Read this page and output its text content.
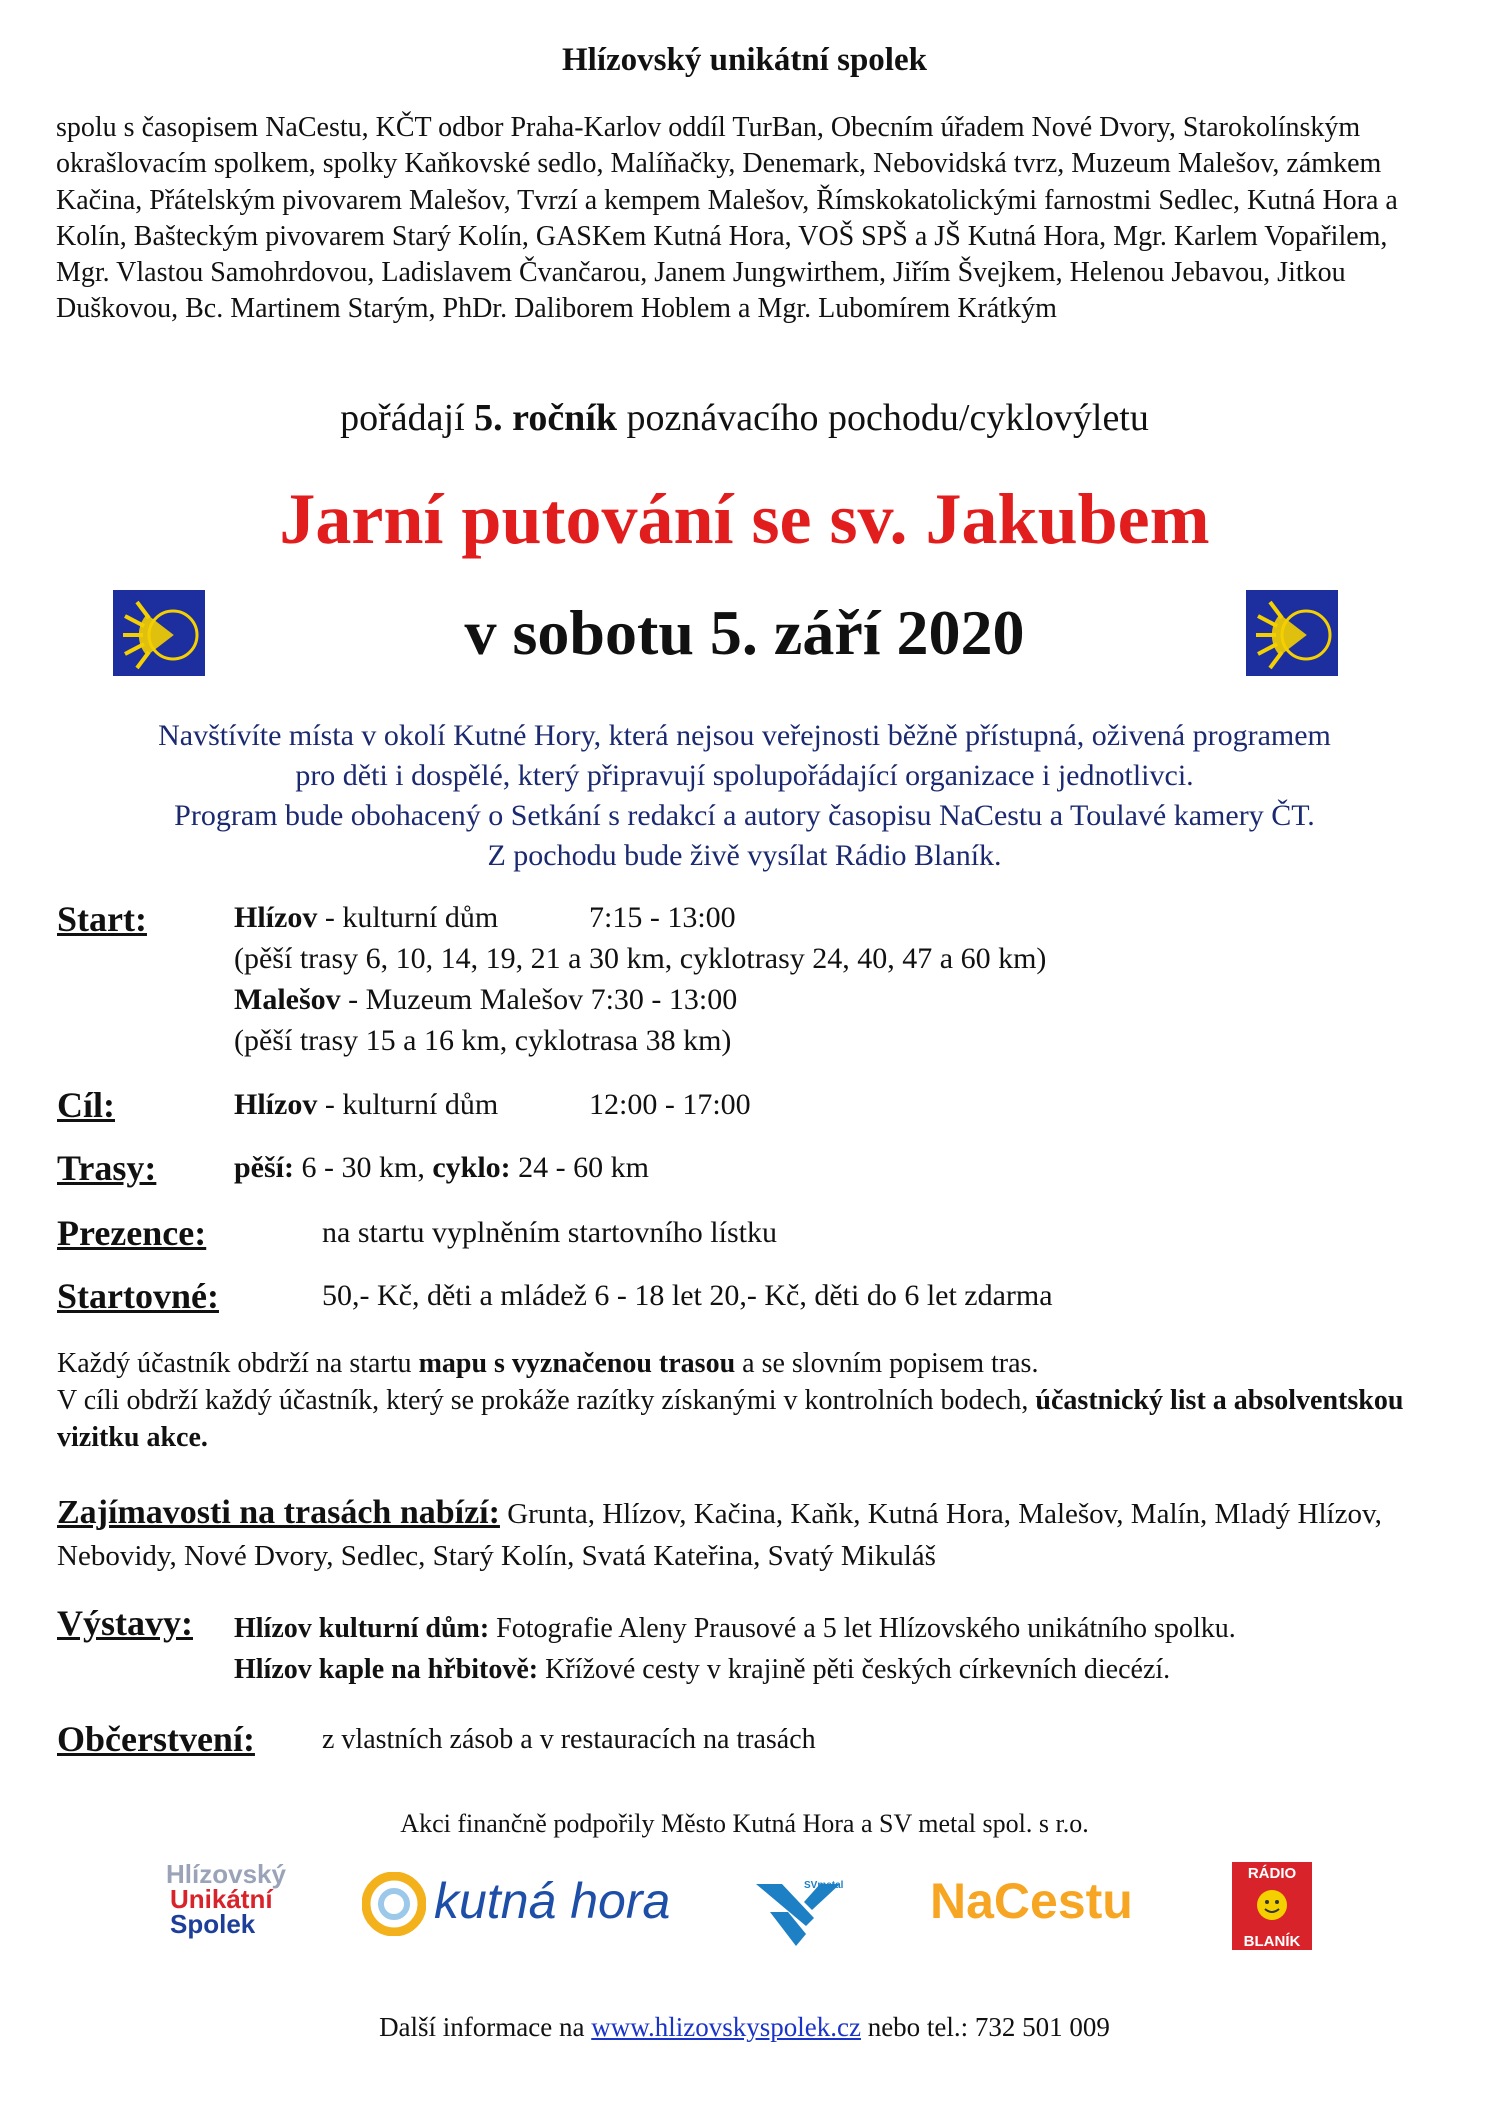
Hlízovský unikátní spolek
spolu s časopisem NaCestu, KČT odbor Praha-Karlov oddíl TurBan, Obecním úřadem Nové Dvory, Starokolínským okrašlovacím spolkem, spolky Kaňkovské sedlo, Malíňačky, Denemark, Nebovidská tvrz, Muzeum Malešov, zámkem Kačina, Přátelským pivovarem Malešov, Tvrzí a kempem Malešov, Římskokatolickými farnostmi Sedlec, Kutná Hora a Kolín, Bašteckým pivovarem Starý Kolín, GASKem Kutná Hora, VOŠ SPŠ a JŠ Kutná Hora, Mgr. Karlem Vopařilem, Mgr. Vlastou Samohrdovou, Ladislavem Čvančarou, Janem Jungwirthem, Jiřím Švejkem, Helenou Jebavou, Jitkou Duškovou, Bc. Martinem Starým, PhDr. Daliborem Hoblem a Mgr. Lubomírem Krátkým
pořádají 5. ročník poznávacího pochodu/cyklovýletu
Jarní putování se sv. Jakubem
v sobotu 5. září 2020
Navštívíte místa v okolí Kutné Hory, která nejsou veřejnosti běžně přístupná, oživená programem
pro děti i dospělé, který připravují spolupořádající organizace i jednotlivci.
Program bude obohacený o Setkání s redakcí a autory časopisu NaCestu a Toulavé kamery ČT.
Z pochodu bude živě vysílat Rádio Blaník.
Start:	Hlízov - kulturní dům	7:15 - 13:00
(pěší trasy 6, 10, 14, 19, 21 a 30 km, cyklotrasy 24, 40, 47 a 60 km)
Malešov - Muzeum Malešov 7:30 - 13:00
(pěší trasy 15 a 16 km, cyklotrasa 38 km)
Cíl:	Hlízov - kulturní dům	12:00 - 17:00
Trasy:	pěší: 6 - 30 km, cyklo: 24 - 60 km
Prezence:	na startu vyplněním startovního lístku
Startovné:	50,- Kč, děti a mládež 6 - 18 let 20,- Kč, děti do 6 let zdarma
Každý účastník obdrží na startu mapu s vyznačenou trasou a se slovním popisem tras.
V cíli obdrží každý účastník, který se prokáže razítky získanými v kontrolních bodech, účastnický list a absolventskou vizitku akce.
Zajímavosti na trasách nabízí: Grunta, Hlízov, Kačina, Kaňk, Kutná Hora, Malešov, Malín, Mladý Hlízov, Nebovidy, Nové Dvory, Sedlec, Starý Kolín, Svatá Kateřina, Svatý Mikuláš
Výstavy: Hlízov kulturní dům: Fotografie Aleny Prausové a 5 let Hlízovského unikátního spolku.
Hlízov kaple na hřbitově: Křížové cesty v krajině pěti českých církevních diecézí.
Občerstvení: z vlastních zásob a v restauracích na trasách
Akci finančně podpořily Město Kutná Hora a SV metal spol. s r.o.
Hlízovský
Unikátní
Spolek	kutná hora	SVmetal NaCestu	RÁDIO
BLANÍK
Další informace na www.hlizovskyspolek.cz nebo tel.: 732 501 009
